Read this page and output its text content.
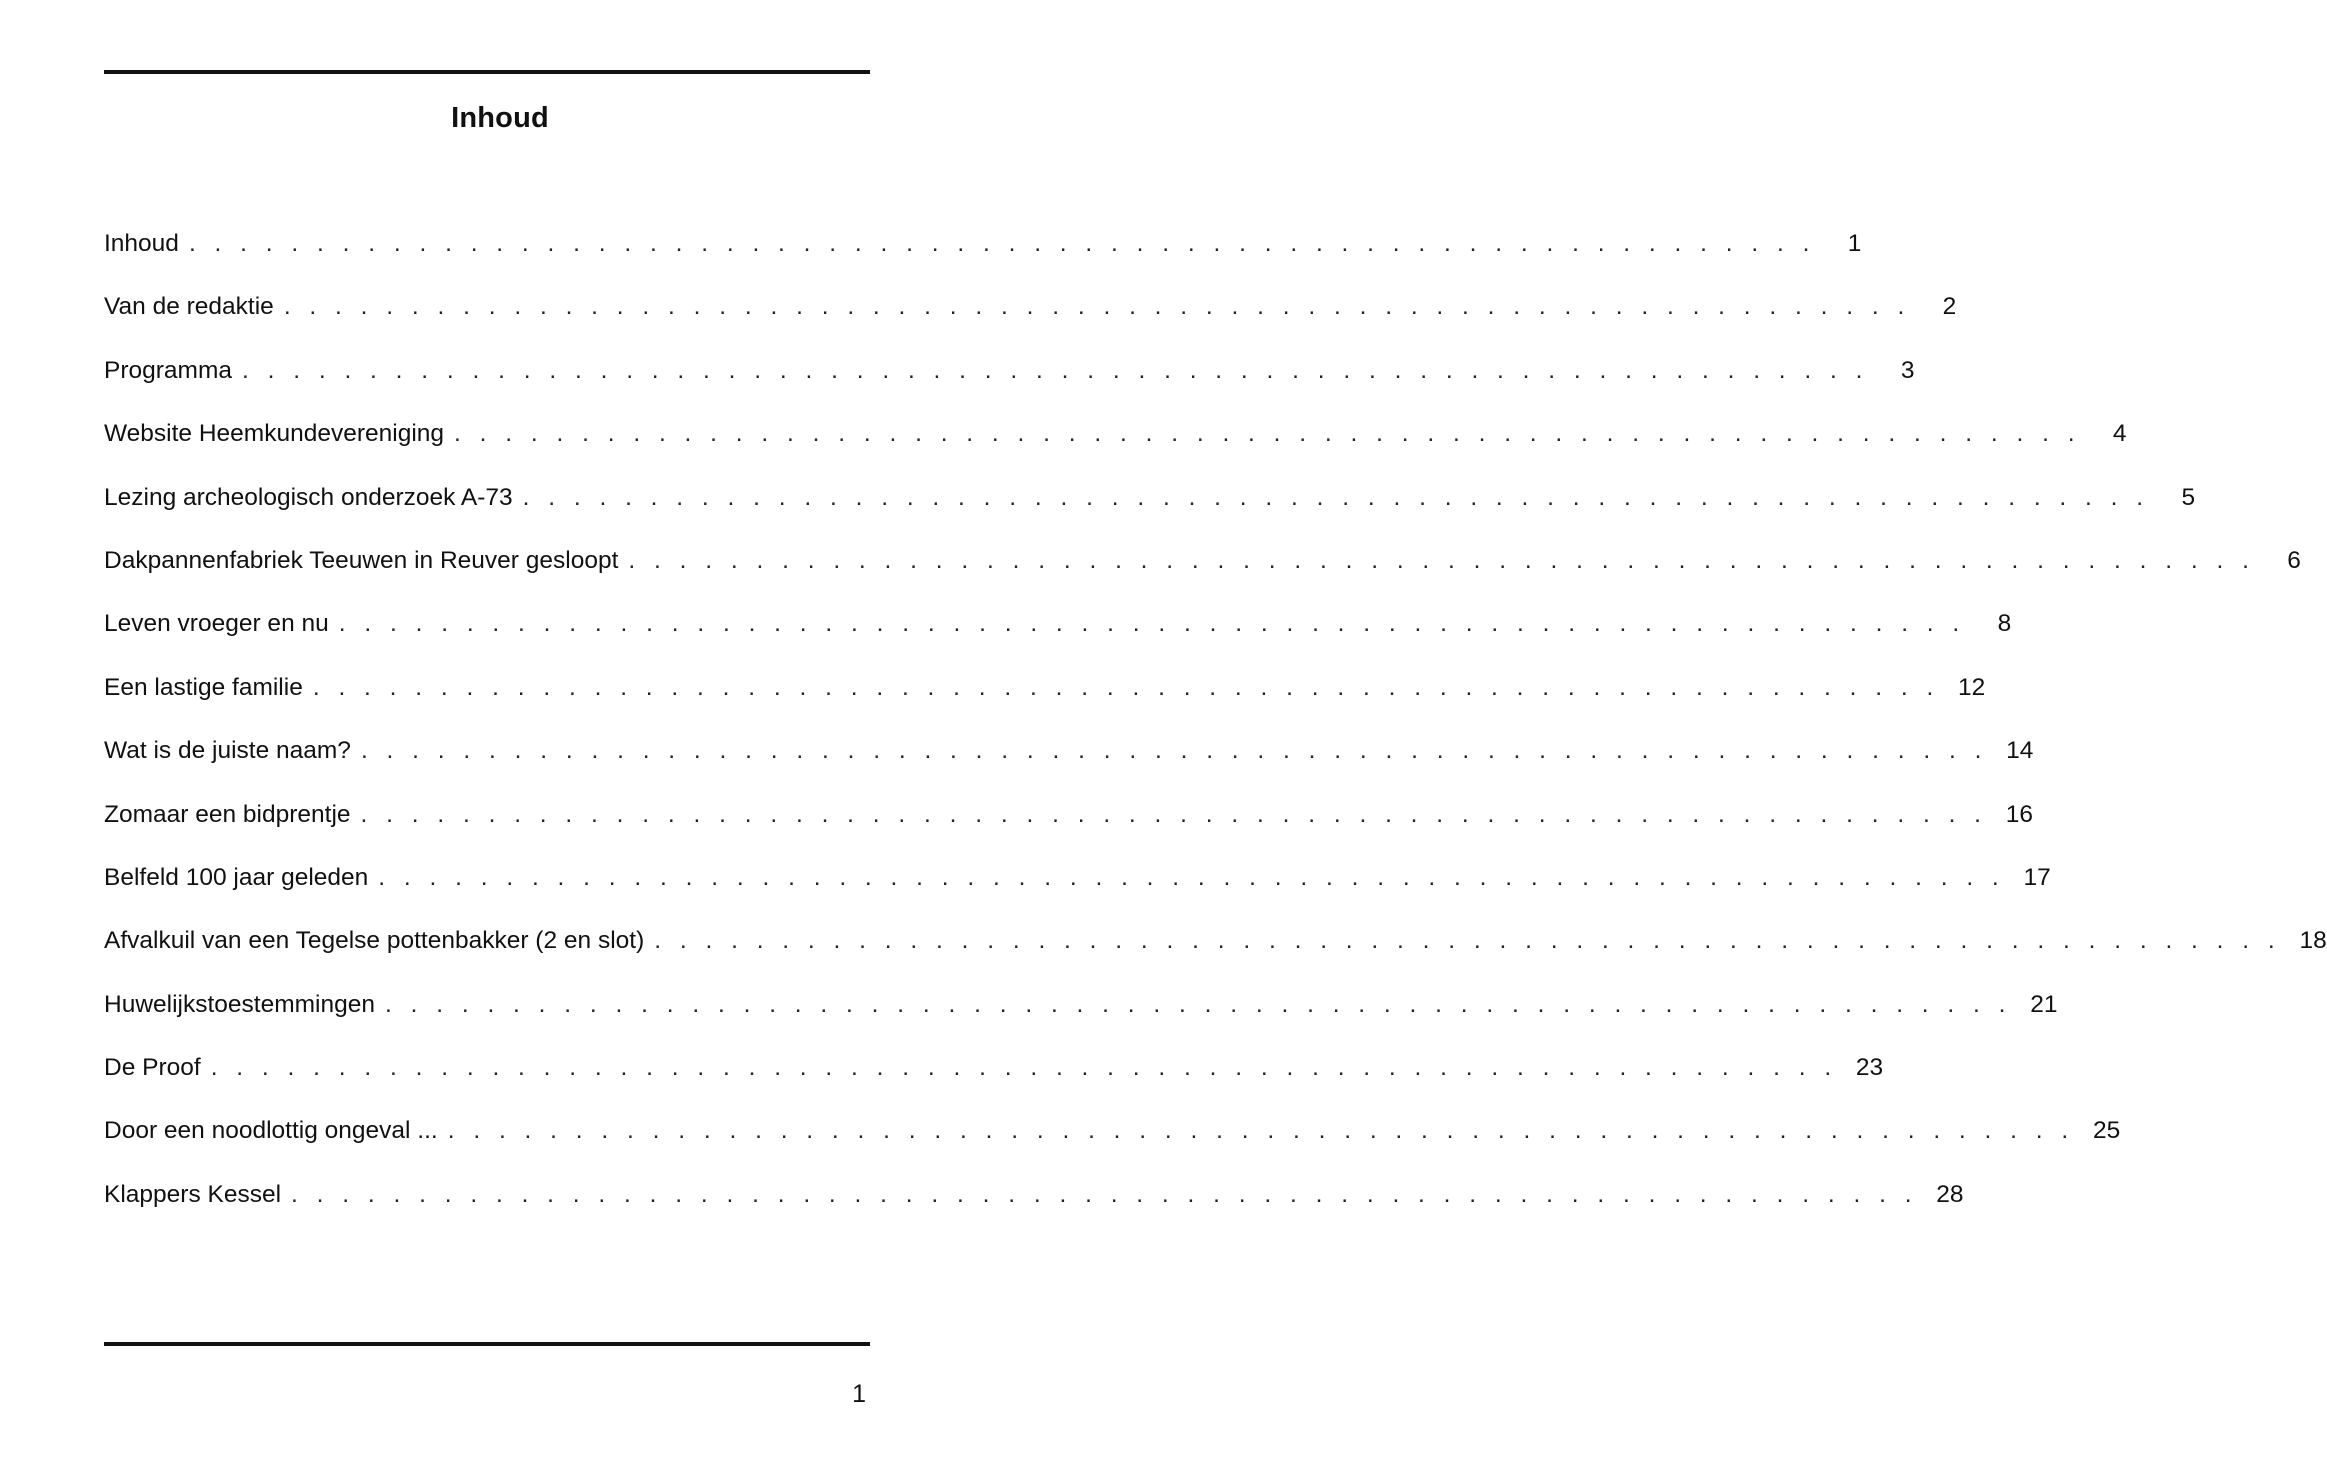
Inhoud
Inhoud . . . . . . . . . . . . . . . . . . . . . . . . . . . . . . . . . . . . . . . . . . . . . . . . . . . . . . . . . . . . . . . .	1
Van de redaktie . . . . . . . . . . . . . . . . . . . . . . . . . . . . . . . . . . . . . . . . . . . . . . . . . . . . . . . . . . . . . . . .	2
Programma . . . . . . . . . . . . . . . . . . . . . . . . . . . . . . . . . . . . . . . . . . . . . . . . . . . . . . . . . . . . . . . .	3
Website Heemkundevereniging . . . . . . . . . . . . . . . . . . . . . . . . . . . . . . . . . . . . . . . . . . . . . . . . . . . . . . . . . . . . . . . .	4
Lezing archeologisch onderzoek A-73 . . . . . . . . . . . . . . . . . . . . . . . . . . . . . . . . . . . . . . . . . . . . . . . . . . . . . . . . . . . . . . . .	5
Dakpannenfabriek Teeuwen in Reuver gesloopt . . . . . . . . . . . . . . . . . . . . . . . . . . . . . . . . . . . . . . . . . . . . . . . . . . . . . . . . . . . . . . . .	6
Leven vroeger en nu . . . . . . . . . . . . . . . . . . . . . . . . . . . . . . . . . . . . . . . . . . . . . . . . . . . . . . . . . . . . . . . .	8
Een lastige familie . . . . . . . . . . . . . . . . . . . . . . . . . . . . . . . . . . . . . . . . . . . . . . . . . . . . . . . . . . . . . . . . 12
Wat is de juiste naam? . . . . . . . . . . . . . . . . . . . . . . . . . . . . . . . . . . . . . . . . . . . . . . . . . . . . . . . . . . . . . . . . 14
Zomaar een bidprentje . . . . . . . . . . . . . . . . . . . . . . . . . . . . . . . . . . . . . . . . . . . . . . . . . . . . . . . . . . . . . . . . 16
Belfeld 100 jaar geleden . . . . . . . . . . . . . . . . . . . . . . . . . . . . . . . . . . . . . . . . . . . . . . . . . . . . . . . . . . . . . . . . 17
Afvalkuil van een Tegelse pottenbakker (2 en slot) . . . . . . . . . . . . . . . . . . . . . . . . . . . . . . . . . . . . . . . . . . . . . . . . . . . . . . . . . . . . . . . . 18
Huwelijkstoestemmingen . . . . . . . . . . . . . . . . . . . . . . . . . . . . . . . . . . . . . . . . . . . . . . . . . . . . . . . . . . . . . . . . 21
De Proof . . . . . . . . . . . . . . . . . . . . . . . . . . . . . . . . . . . . . . . . . . . . . . . . . . . . . . . . . . . . . . . . 23
Door een noodlottig ongeval ... . . . . . . . . . . . . . . . . . . . . . . . . . . . . . . . . . . . . . . . . . . . . . . . . . . . . . . . . . . . . . . . . 25
Klappers Kessel . . . . . . . . . . . . . . . . . . . . . . . . . . . . . . . . . . . . . . . . . . . . . . . . . . . . . . . . . . . . . . . . 28
1
